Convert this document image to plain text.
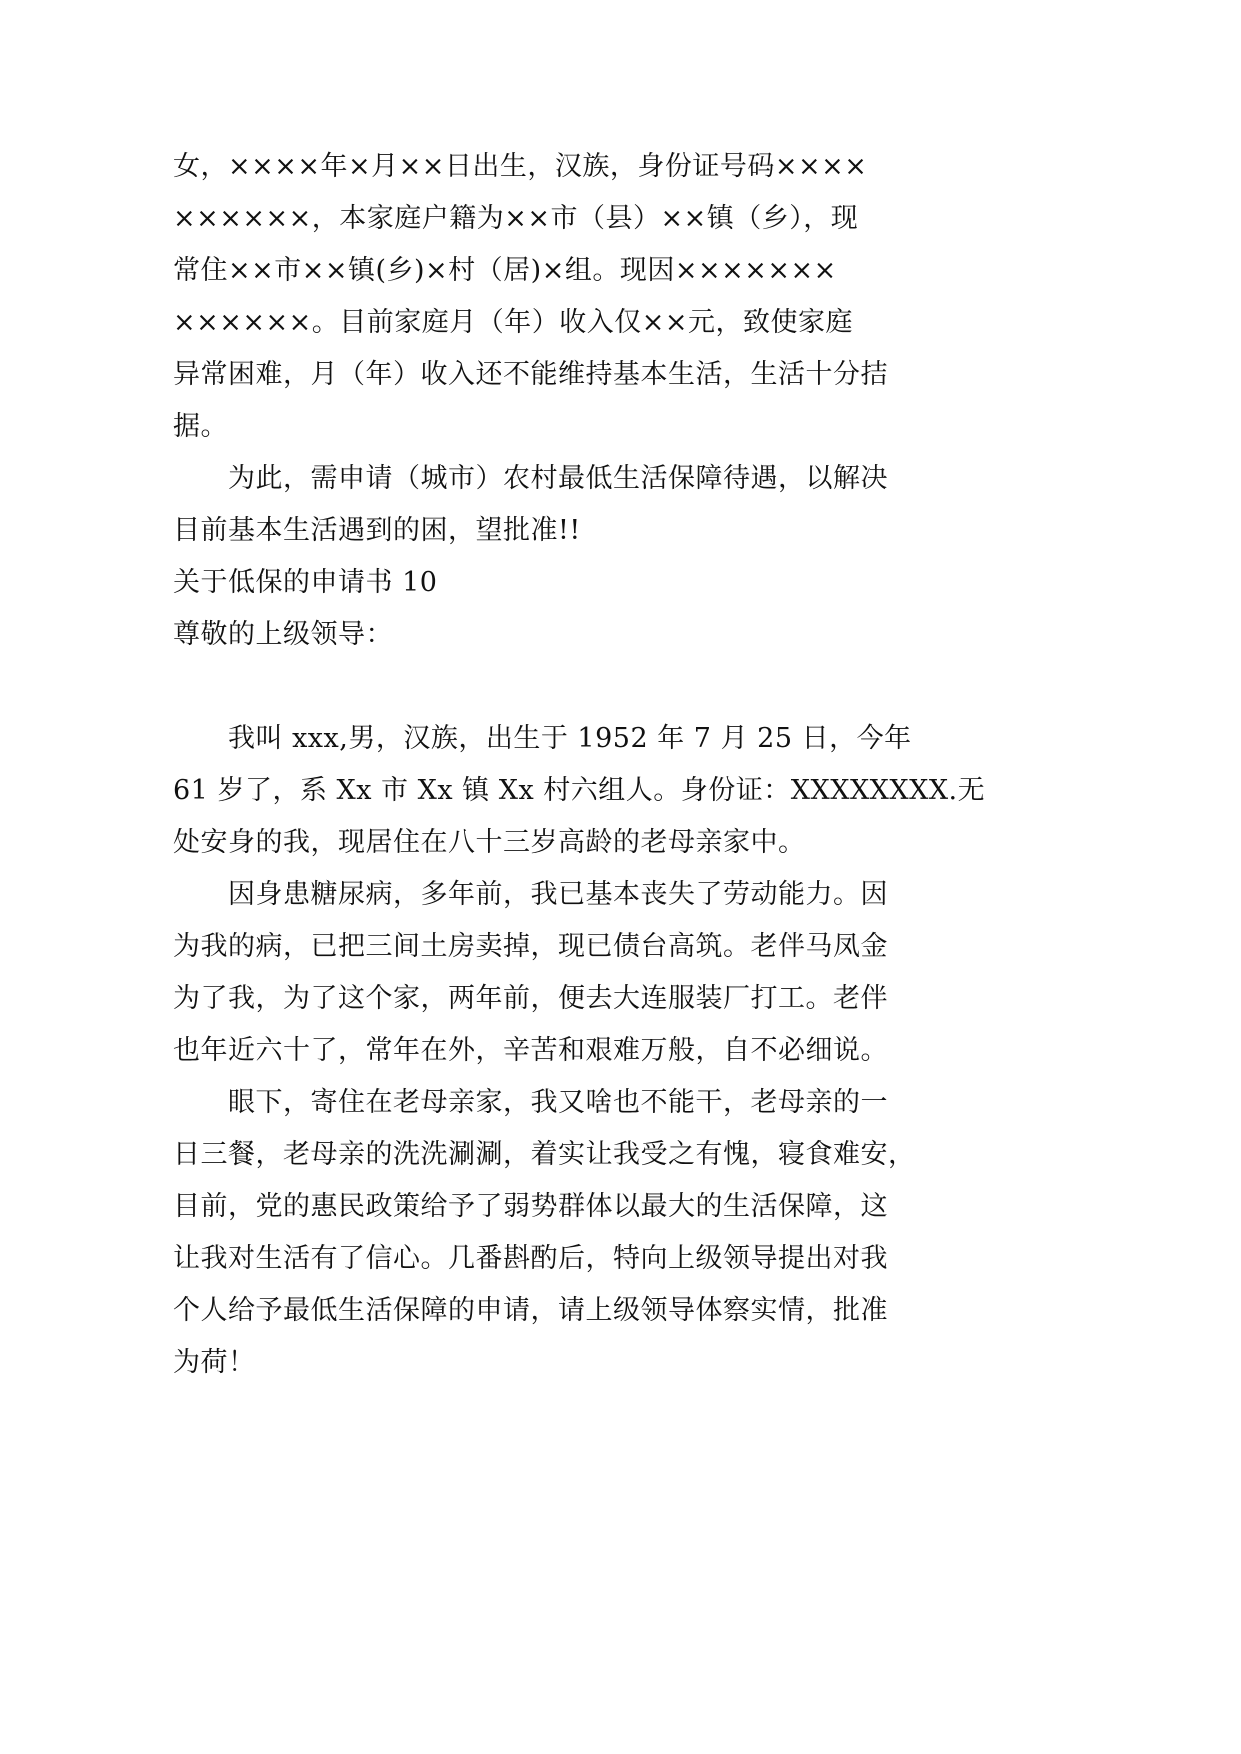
女，××××年×月××日出生，汉族，身份证号码××××
××××××，本家庭户籍为××市（县）××镇（乡），现
常住××市××镇(乡)×村（居)×组。现因×××××××
××××××。目前家庭月（年）收入仅××元，致使家庭
异常困难，月（年）收入还不能维持基本生活，生活十分拮
据。
　　为此，需申请（城市）农村最低生活保障待遇，以解决
目前基本生活遇到的困，望批准!!
关于低保的申请书 10
尊敬的上级领导：
　　我叫 xxx,男，汉族，出生于 1952 年 7 月 25 日，今年
61 岁了，系 Xx 市 Xx 镇 Xx 村六组人。身份证：XXXXXXXX.无
处安身的我，现居住在八十三岁高龄的老母亲家中。
　　因身患糖尿病，多年前，我已基本丧失了劳动能力。因
为我的病，已把三间土房卖掉，现已债台高筑。老伴马凤金
为了我，为了这个家，两年前，便去大连服装厂打工。老伴
也年近六十了，常年在外，辛苦和艰难万般，自不必细说。
　　眼下，寄住在老母亲家，我又啥也不能干，老母亲的一
日三餐，老母亲的洗洗涮涮，着实让我受之有愧，寝食难安，
目前，党的惠民政策给予了弱势群体以最大的生活保障，这
让我对生活有了信心。几番斟酌后，特向上级领导提出对我
个人给予最低生活保障的申请，请上级领导体察实情，批准
为荷！
